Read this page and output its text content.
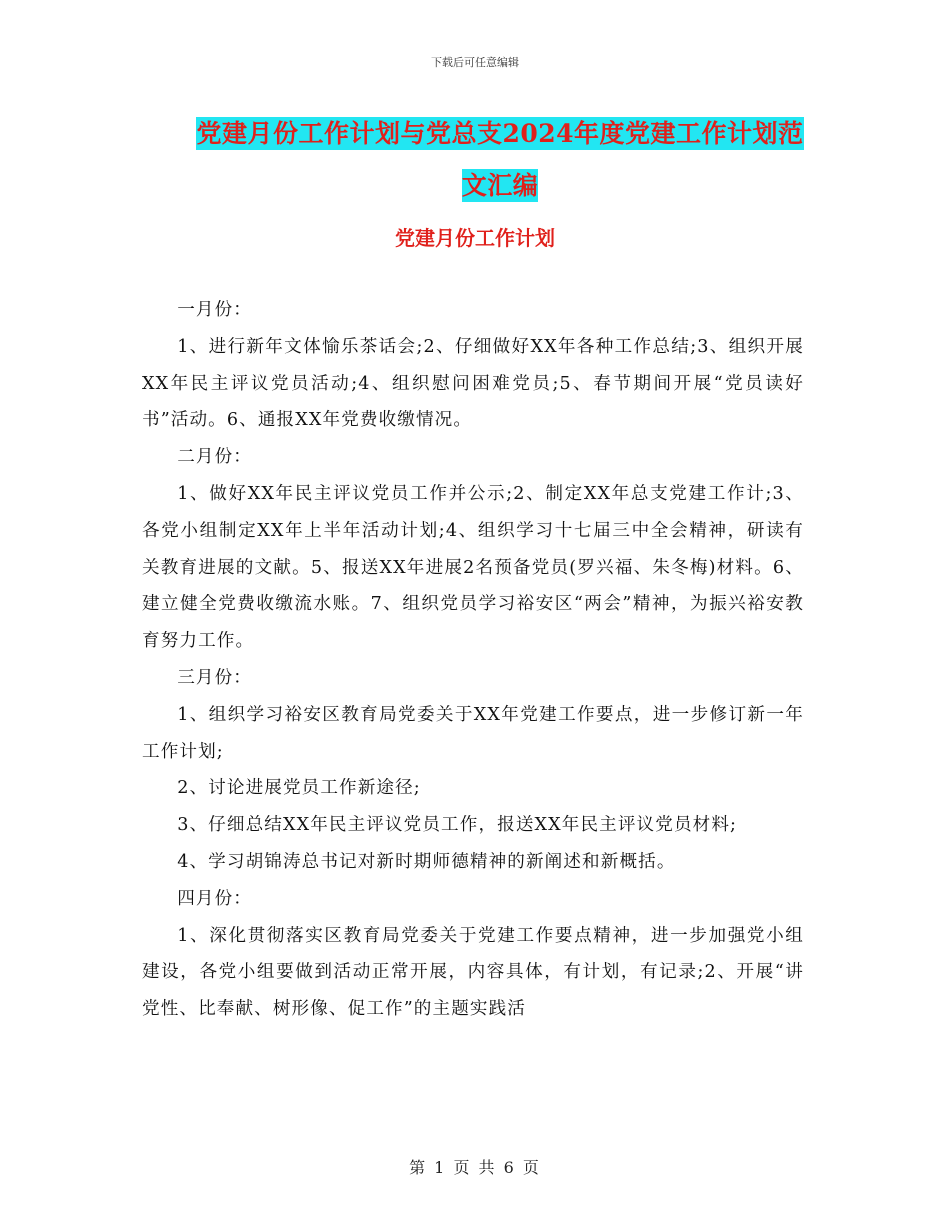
下载后可任意编辑
党建月份工作计划与党总支2024年度党建工作计划范
文汇编
党建月份工作计划

一月份：

1、进行新年文体愉乐茶话会;2、仔细做好XX年各种工作总结;3、组织开展XX年民主评议党员活动;4、组织慰问困难党员;5、春节期间开展“党员读好书”活动。6、通报XX年党费收缴情况。

二月份：

1、做好XX年民主评议党员工作并公示;2、制定XX年总支党建工作计;3、各党小组制定XX年上半年活动计划;4、组织学习十七届三中全会精神，研读有关教育进展的文献。5、报送XX年进展2名预备党员(罗兴福、朱冬梅)材料。6、建立健全党费收缴流水账。7、组织党员学习裕安区“两会”精神，为振兴裕安教育努力工作。

三月份：

1、组织学习裕安区教育局党委关于XX年党建工作要点，进一步修订新一年工作计划;

2、讨论进展党员工作新途径;

3、仔细总结XX年民主评议党员工作，报送XX年民主评议党员材料;

4、学习胡锦涛总书记对新时期师德精神的新阐述和新概括。

四月份：

1、深化贯彻落实区教育局党委关于党建工作要点精神，进一步加强党小组建设，各党小组要做到活动正常开展，内容具体，有计划，有记录;2、开展“讲党性、比奉献、树形像、促工作”的主题实践活

第 1 页 共 6 页
